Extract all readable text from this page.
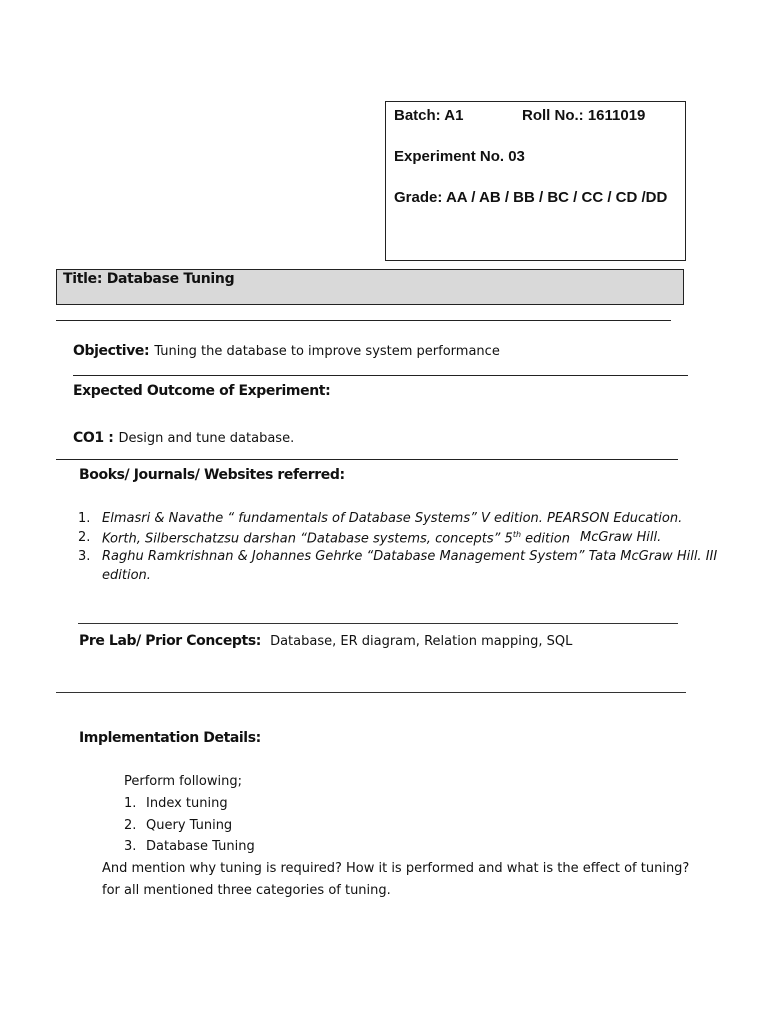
Batch: A1	Roll No.: 1611019
Experiment No. 03
Grade: AA / AB / BB / BC / CC / CD /DD
Title: Database Tuning
Objective: Tuning the database to improve system performance
Expected Outcome of Experiment:
CO1 : Design and tune database.
Books/ Journals/ Websites referred:
1. Elmasri & Navathe “ fundamentals of Database Systems” V edition. PEARSON Education.
2. Korth, Silberschatzsu darshan “Database systems, concepts” 5th edition McGraw Hill.
3. Raghu Ramkrishnan & Johannes Gehrke “Database Management System” Tata McGraw Hill. III
edition.
Pre Lab/ Prior Concepts: Database, ER diagram, Relation mapping, SQL
Implementation Details:
Perform following;
1. Index tuning
2. Query Tuning
3. Database Tuning
And mention why tuning is required? How it is performed and what is the effect of tuning?
for all mentioned three categories of tuning.
